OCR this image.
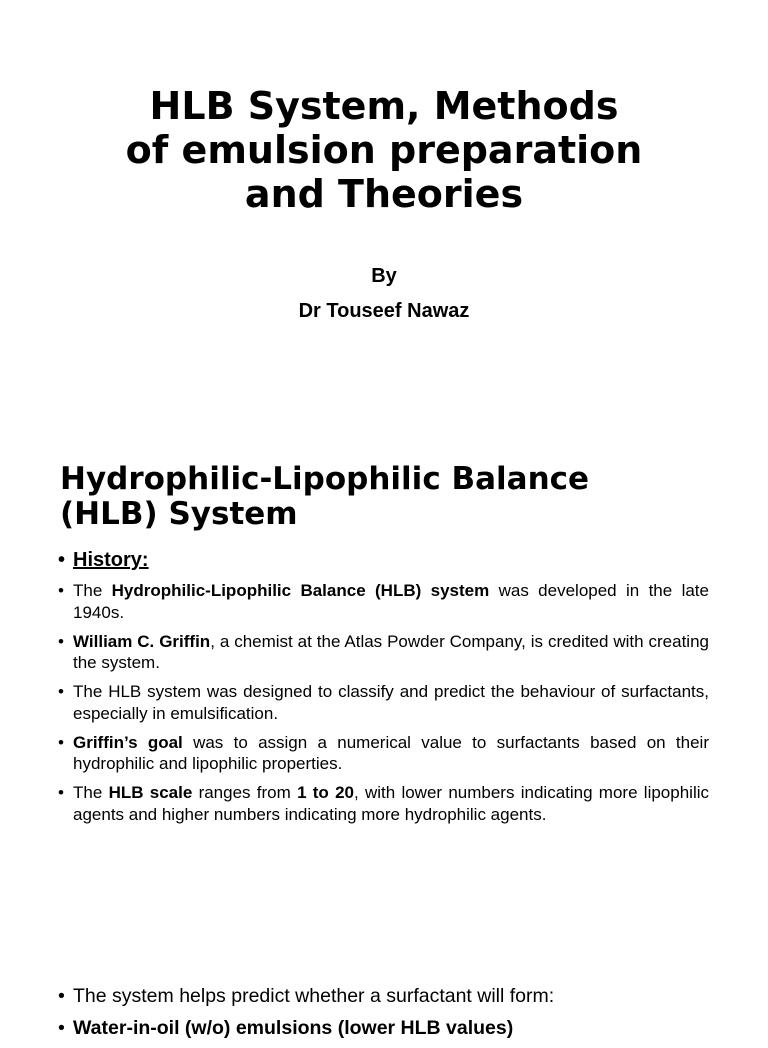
HLB System, Methods
of emulsion preparation
and Theories
By
Dr Touseef Nawaz
Hydrophilic-Lipophilic Balance
(HLB) System
• History:
• The Hydrophilic-Lipophilic Balance (HLB) system was developed in the late 1940s.
• William C. Griffin, a chemist at the Atlas Powder Company, is credited with creating the system.
• The HLB system was designed to classify and predict the behaviour of surfactants, especially in emulsification.
• Griffin’s goal was to assign a numerical value to surfactants based on their hydrophilic and lipophilic properties.
• The HLB scale ranges from 1 to 20, with lower numbers indicating more lipophilic agents and higher numbers indicating more hydrophilic agents.
• The system helps predict whether a surfactant will form:
• Water-in-oil (w/o) emulsions (lower HLB values)
